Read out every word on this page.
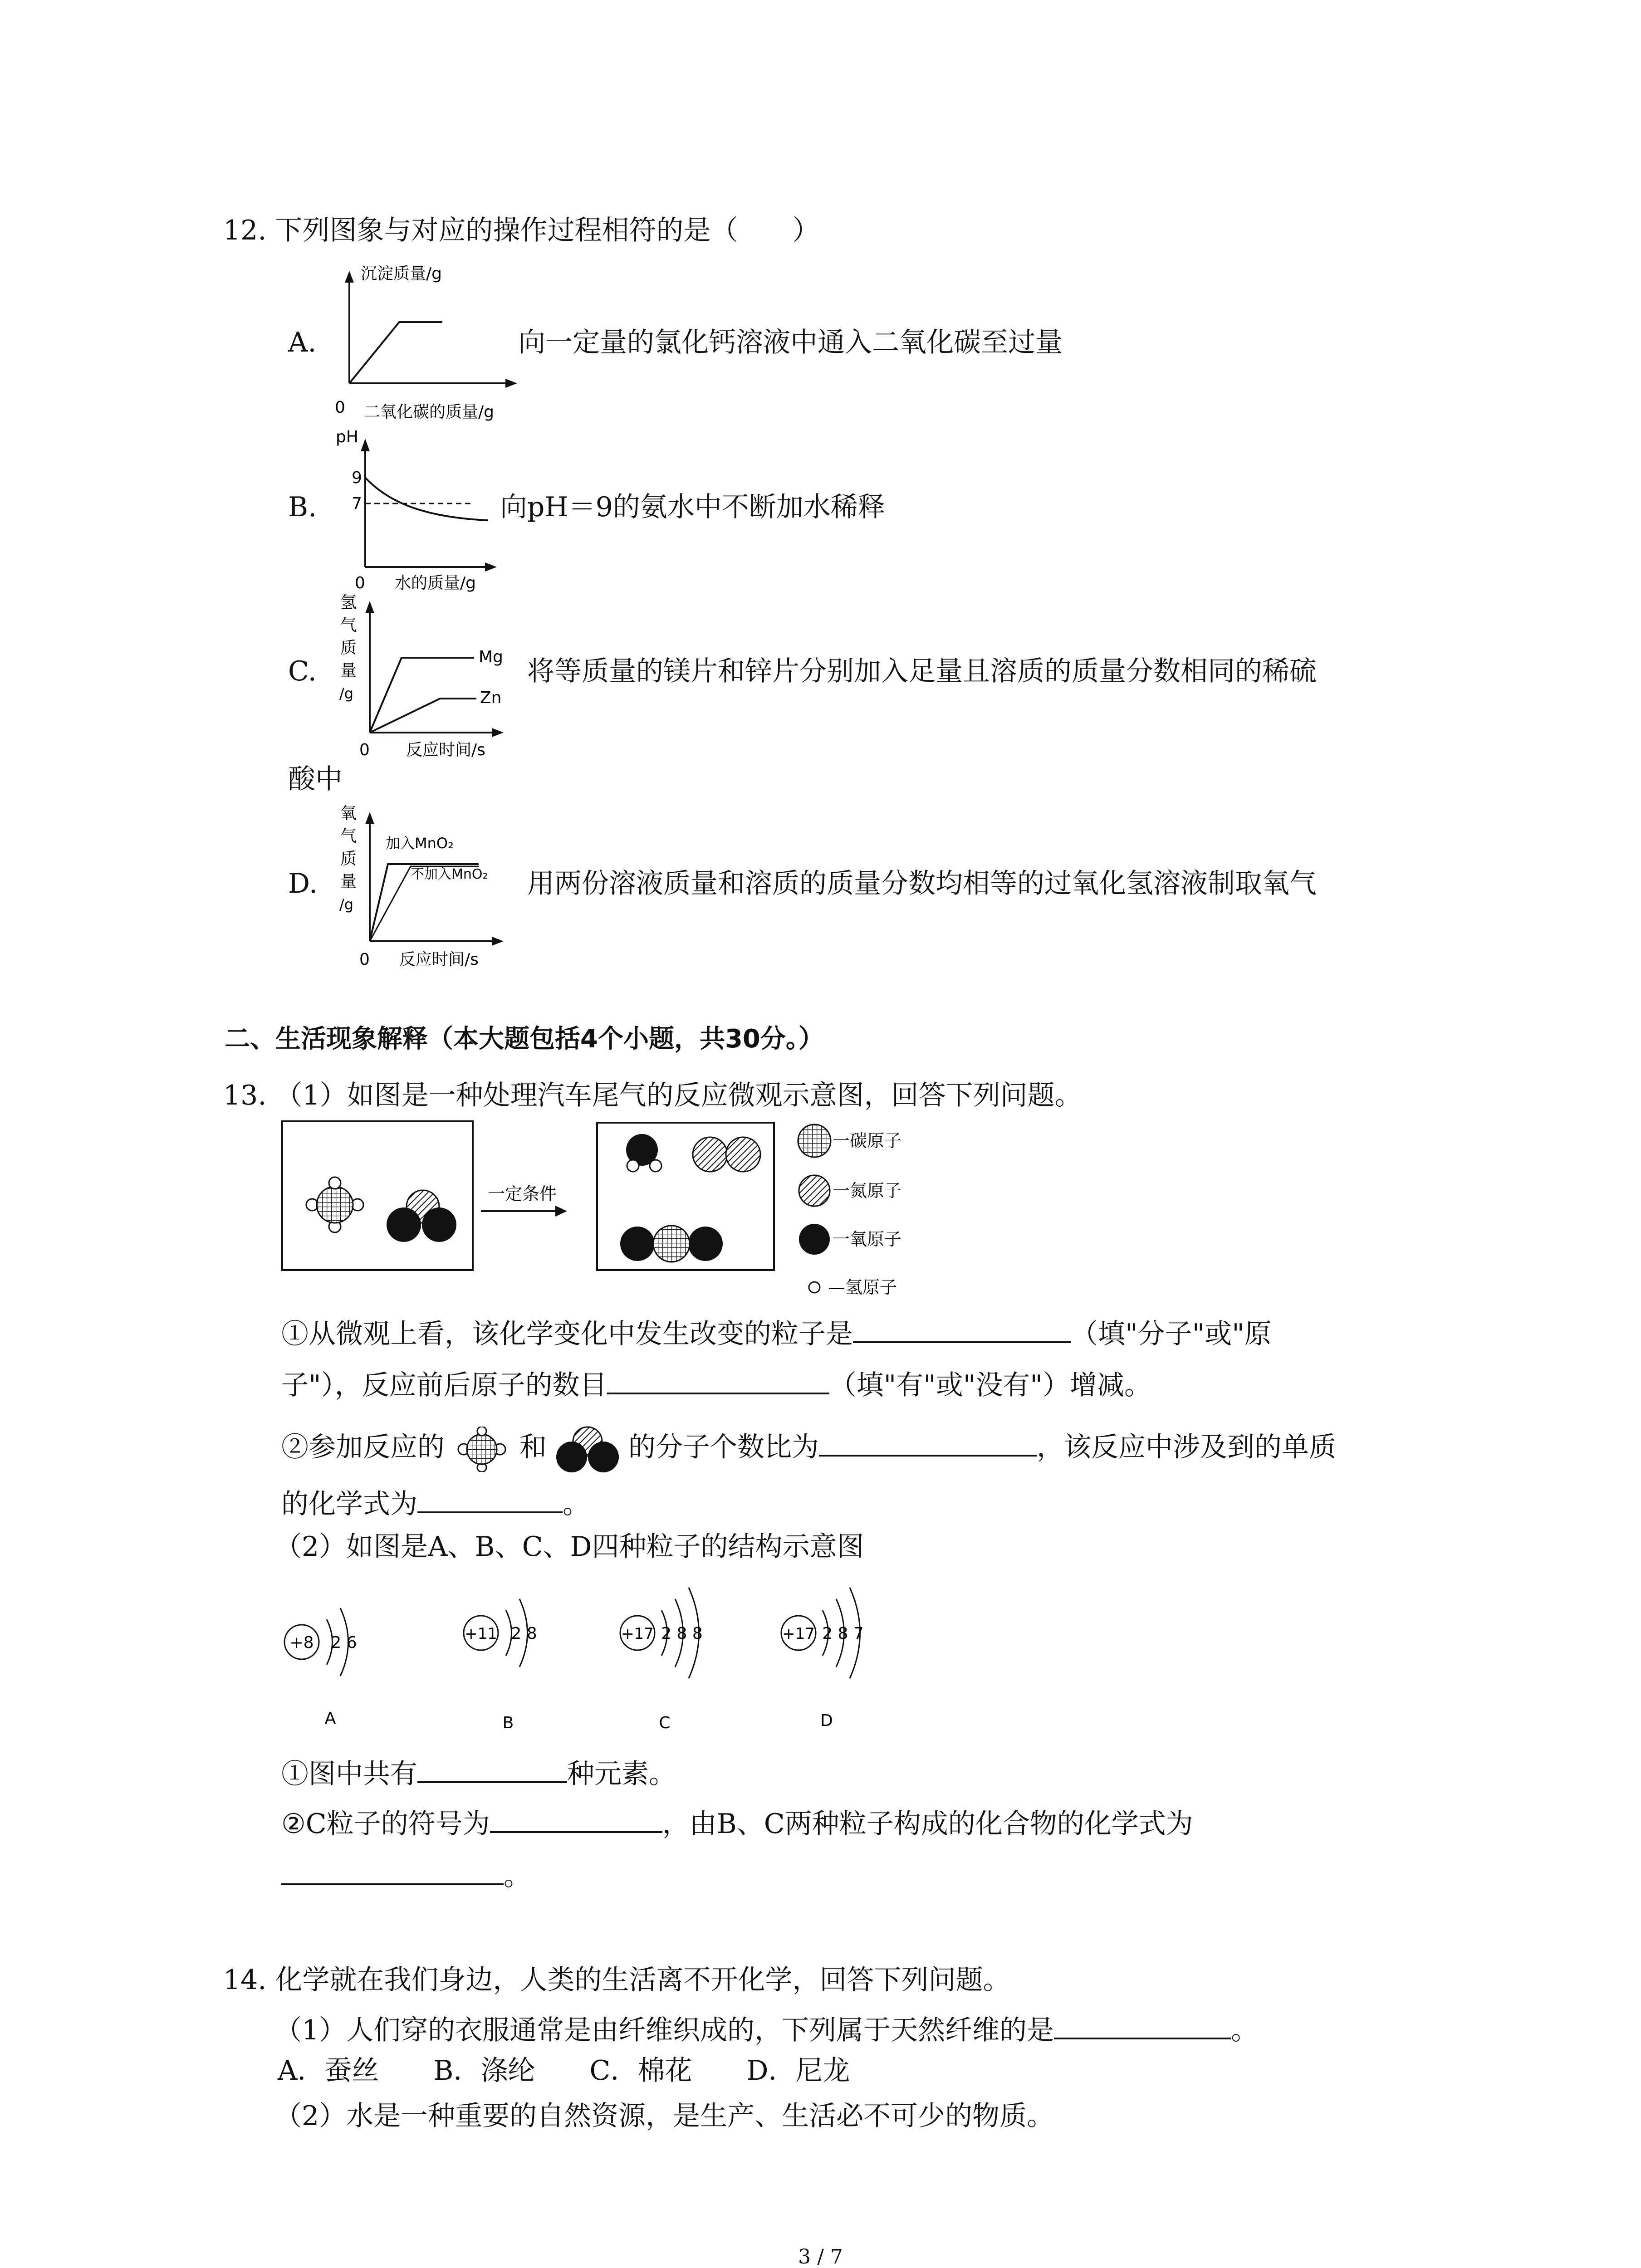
12. 下列图象与对应的操作过程相符的是（　　）
A.
沉淀质量/g
0 二氧化碳的质量/g
向一定量的氯化钙溶液中通入二氧化碳至过量
B.
pH
9
7
0 水的质量/g
向pH＝9的氨水中不断加水稀释
C.
氢
气
质
量
/g
Mg
Zn
0 反应时间/s
将等质量的镁片和锌片分别加入足量且溶质的质量分数相同的稀硫
酸中
D.
氧
气
质
量
/g
加入MnO₂
不加入MnO₂
0 反应时间/s
用两份溶液质量和溶质的质量分数均相等的过氧化氢溶液制取氧气
二、生活现象解释（本大题包括4个小题，共30分。）
13. （1）如图是一种处理汽车尾气的反应微观示意图，回答下列问题。
一定条件
一碳原子
一氮原子
一氧原子
—氢原子
①从微观上看，该化学变化中发生改变的粒子是	（填"分子"或"原
子"），反应前后原子的数目	（填"有"或"没有"）增减。
②参加反应的	和	的分子个数比为	，该反应中涉及到的单质
的化学式为	。
（2）如图是A、B、C、D四种粒子的结构示意图
+8 2 6
A
+11 2 8
B
+17 2 8 8
C
+17 2 8 7
D
①图中共有	种元素。
②C粒子的符号为	，由B、C两种粒子构成的化合物的化学式为
。
14. 化学就在我们身边，人类的生活离不开化学，回答下列问题。
（1）人们穿的衣服通常是由纤维织成的，下列属于天然纤维的是	。
A．蚕丝　　B．涤纶　　C．棉花　　D．尼龙
（2）水是一种重要的自然资源，是生产、生活必不可少的物质。
3 / 7
